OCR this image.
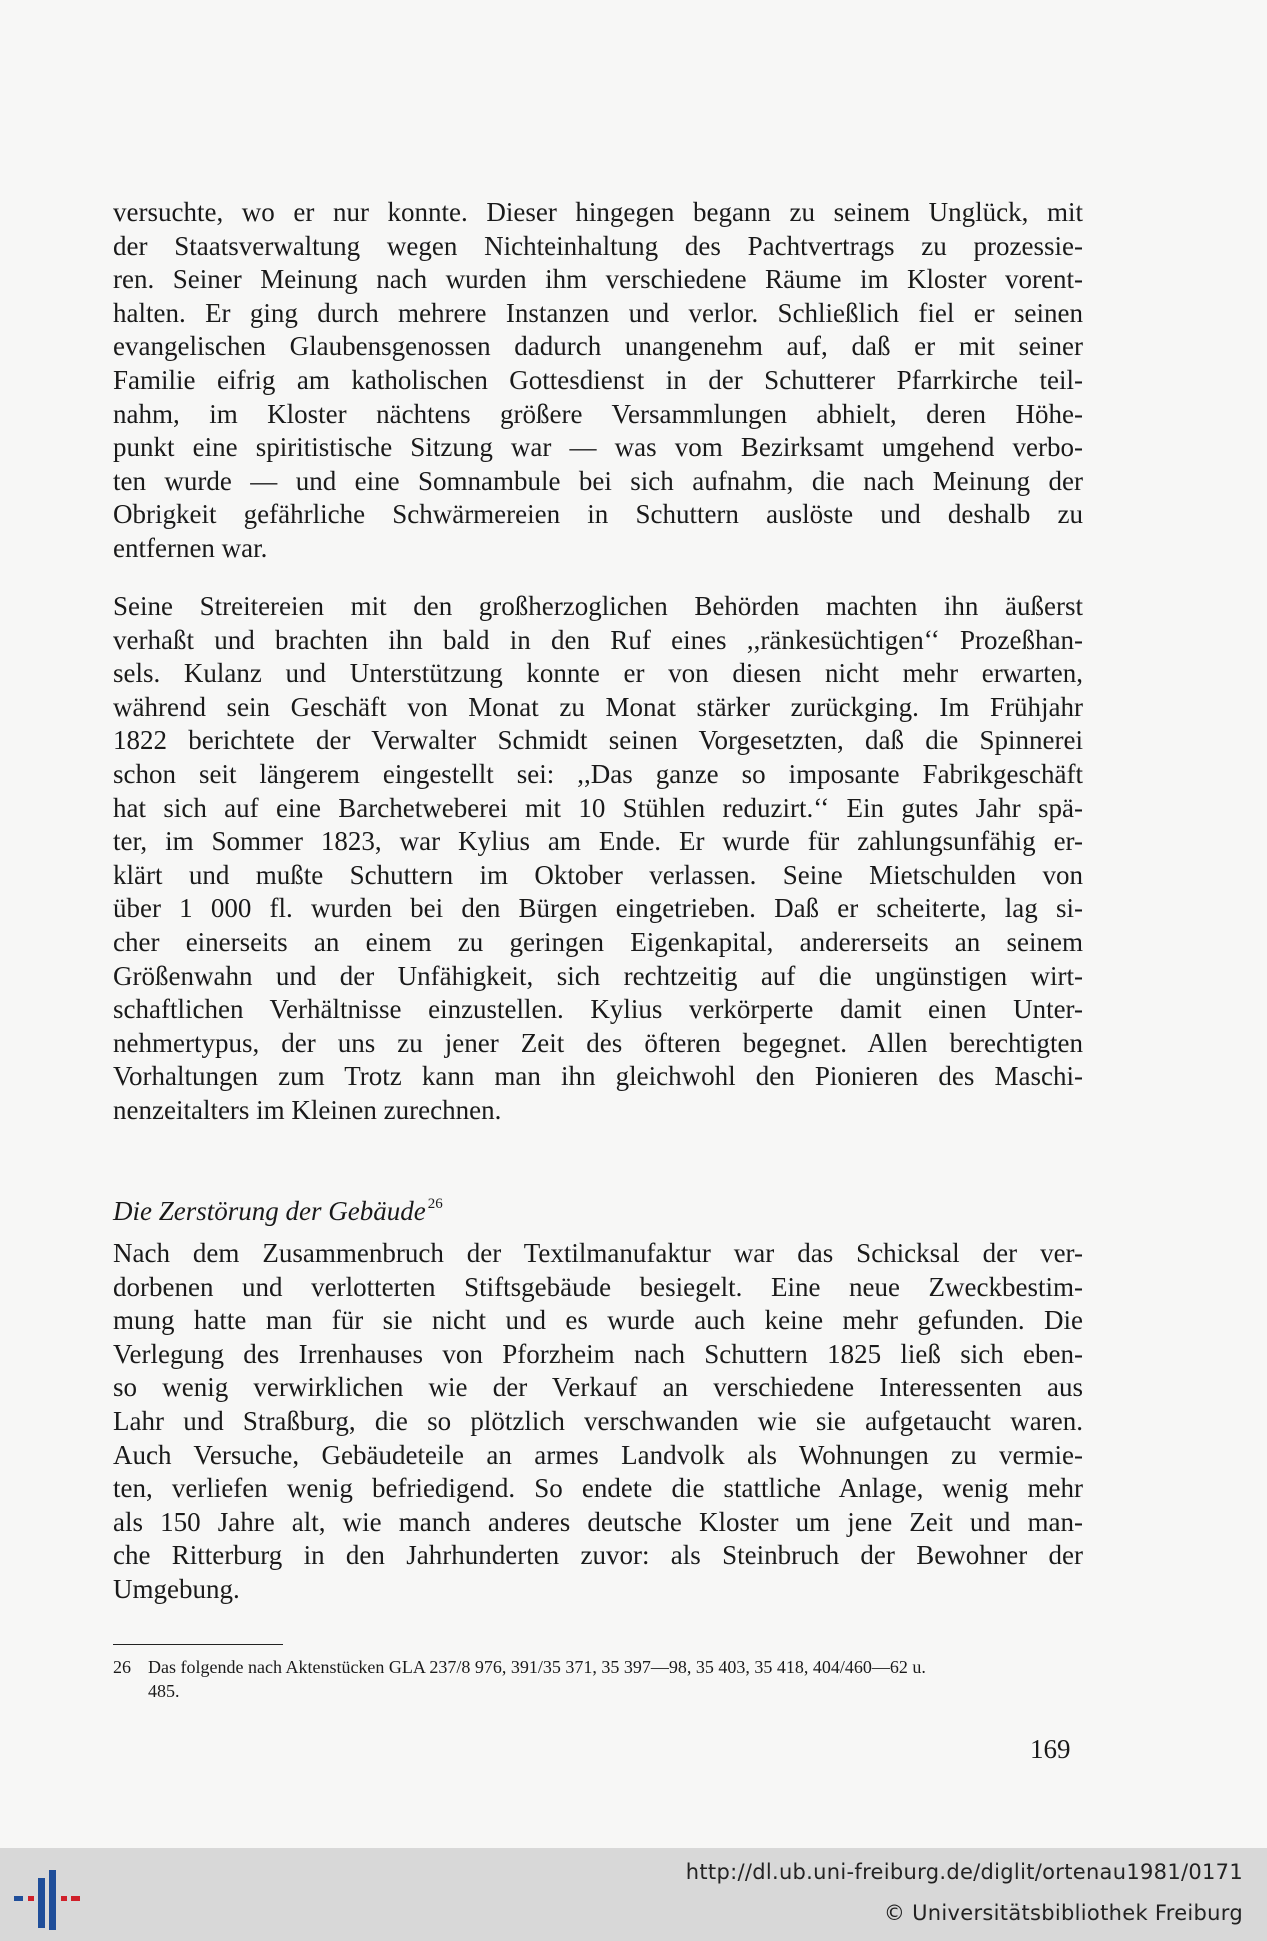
versuchte, wo er nur konnte. Dieser hingegen begann zu seinem Unglück, mit
der Staatsverwaltung wegen Nichteinhaltung des Pachtvertrags zu prozessie-
ren. Seiner Meinung nach wurden ihm verschiedene Räume im Kloster vorent-
halten. Er ging durch mehrere Instanzen und verlor. Schließlich fiel er seinen
evangelischen Glaubensgenossen dadurch unangenehm auf, daß er mit seiner
Familie eifrig am katholischen Gottesdienst in der Schutterer Pfarrkirche teil-
nahm, im Kloster nächtens größere Versammlungen abhielt, deren Höhe-
punkt eine spiritistische Sitzung war — was vom Bezirksamt umgehend verbo-
ten wurde — und eine Somnambule bei sich aufnahm, die nach Meinung der
Obrigkeit gefährliche Schwärmereien in Schuttern auslöste und deshalb zu
entfernen war.
Seine Streitereien mit den großherzoglichen Behörden machten ihn äußerst
verhaßt und brachten ihn bald in den Ruf eines ,,ränkesüchtigen‘‘ Prozeßhan-
sels. Kulanz und Unterstützung konnte er von diesen nicht mehr erwarten,
während sein Geschäft von Monat zu Monat stärker zurückging. Im Frühjahr
1822 berichtete der Verwalter Schmidt seinen Vorgesetzten, daß die Spinnerei
schon seit längerem eingestellt sei: ,,Das ganze so imposante Fabrikgeschäft
hat sich auf eine Barchetweberei mit 10 Stühlen reduzirt.‘‘ Ein gutes Jahr spä-
ter, im Sommer 1823, war Kylius am Ende. Er wurde für zahlungsunfähig er-
klärt und mußte Schuttern im Oktober verlassen. Seine Mietschulden von
über 1 000 fl. wurden bei den Bürgen eingetrieben. Daß er scheiterte, lag si-
cher einerseits an einem zu geringen Eigenkapital, andererseits an seinem
Größenwahn und der Unfähigkeit, sich rechtzeitig auf die ungünstigen wirt-
schaftlichen Verhältnisse einzustellen. Kylius verkörperte damit einen Unter-
nehmertypus, der uns zu jener Zeit des öfteren begegnet. Allen berechtigten
Vorhaltungen zum Trotz kann man ihn gleichwohl den Pionieren des Maschi-
nenzeitalters im Kleinen zurechnen.
Die Zerstörung der Gebäude $^{26}$
Nach dem Zusammenbruch der Textilmanufaktur war das Schicksal der ver-
dorbenen und verlotterten Stiftsgebäude besiegelt. Eine neue Zweckbestim-
mung hatte man für sie nicht und es wurde auch keine mehr gefunden. Die
Verlegung des Irrenhauses von Pforzheim nach Schuttern 1825 ließ sich eben-
so wenig verwirklichen wie der Verkauf an verschiedene Interessenten aus
Lahr und Straßburg, die so plötzlich verschwanden wie sie aufgetaucht waren.
Auch Versuche, Gebäudeteile an armes Landvolk als Wohnungen zu vermie-
ten, verliefen wenig befriedigend. So endete die stattliche Anlage, wenig mehr
als 150 Jahre alt, wie manch anderes deutsche Kloster um jene Zeit und man-
che Ritterburg in den Jahrhunderten zuvor: als Steinbruch der Bewohner der
Umgebung.
26 Das folgende nach Aktenstücken GLA 237/8 976, 391/35 371, 35 397—98, 35 403, 35 418, 404/460—62 u.
485.
169
http://dl.ub.uni-freiburg.de/diglit/ortenau1981/0171
© Universitätsbibliothek Freiburg
